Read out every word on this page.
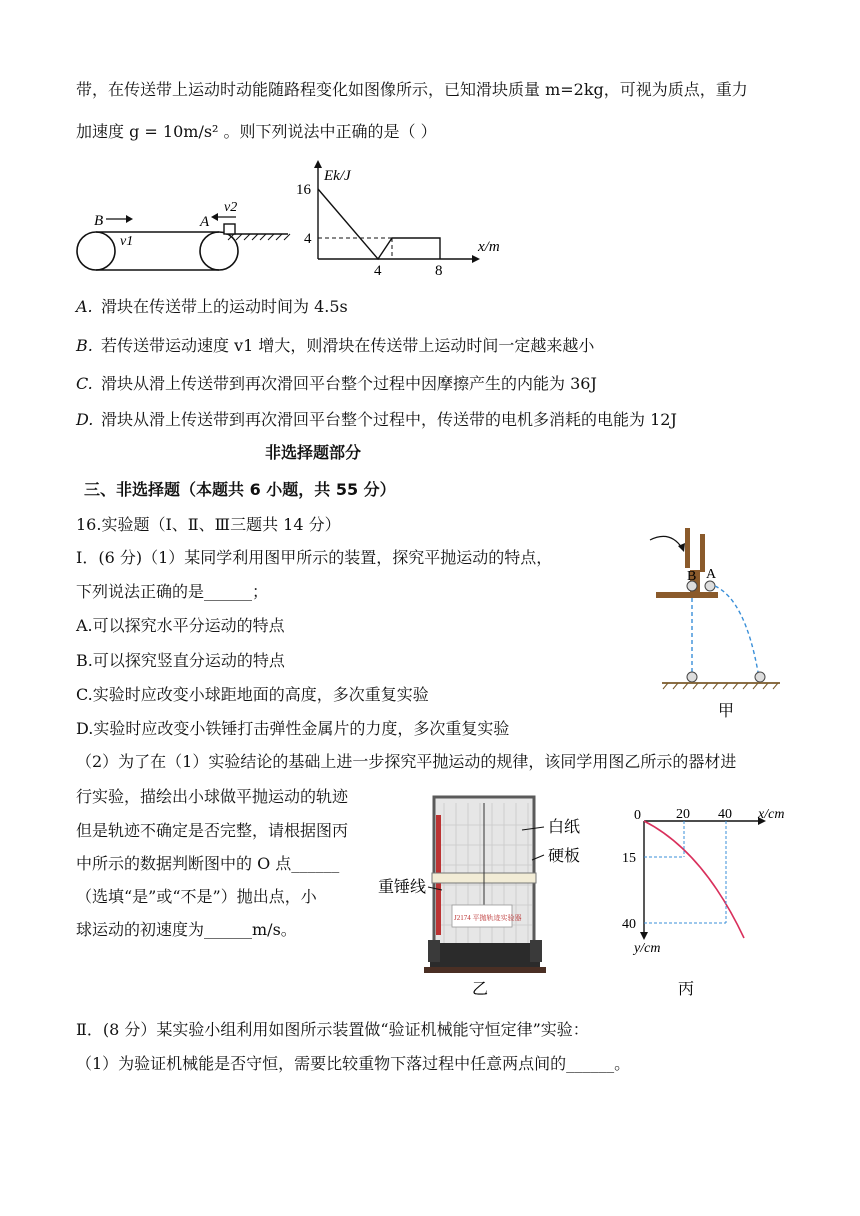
带，在传送带上运动时动能随路程变化如图像所示，已知滑块质量 m=2kg，可视为质点，重力
加速度 g = 10m/s² 。则下列说法中正确的是（ ）
B	A
v1
v2
Ek/J
16
4
4	8
x/m
A. 滑块在传送带上的运动时间为 4.5s
B. 若传送带运动速度 v1 增大，则滑块在传送带上运动时间一定越来越小
C. 滑块从滑上传送带到再次滑回平台整个过程中因摩擦产生的内能为 36J
D. 滑块从滑上传送带到再次滑回平台整个过程中，传送带的电机多消耗的电能为 12J
非选择题部分
三、非选择题（本题共 6 小题，共 55 分）
16.实验题（Ⅰ、Ⅱ、Ⅲ三题共 14 分）
Ⅰ．(6 分)（1）某同学利用图甲所示的装置，探究平抛运动的特点，
下列说法正确的是______；
A.可以探究水平分运动的特点
B.可以探究竖直分运动的特点
C.实验时应改变小球距地面的高度，多次重复实验
D.实验时应改变小铁锤打击弹性金属片的力度，多次重复实验
B A
甲
（2）为了在（1）实验结论的基础上进一步探究平抛运动的规律，该同学用图乙所示的器材进
行实验，描绘出小球做平抛运动的轨迹
但是轨迹不确定是否完整，请根据图丙
中所示的数据判断图中的 O 点______
（选填“是”或“不是”）抛出点，小
球运动的初速度为______m/s。
J2174 平抛轨迹实验器
白纸
硬板
重锤线
乙
0	20 40 x/cm
15
40
y/cm
丙
Ⅱ．(8 分）某实验小组利用如图所示装置做“验证机械能守恒定律”实验：
（1）为验证机械能是否守恒，需要比较重物下落过程中任意两点间的______。
